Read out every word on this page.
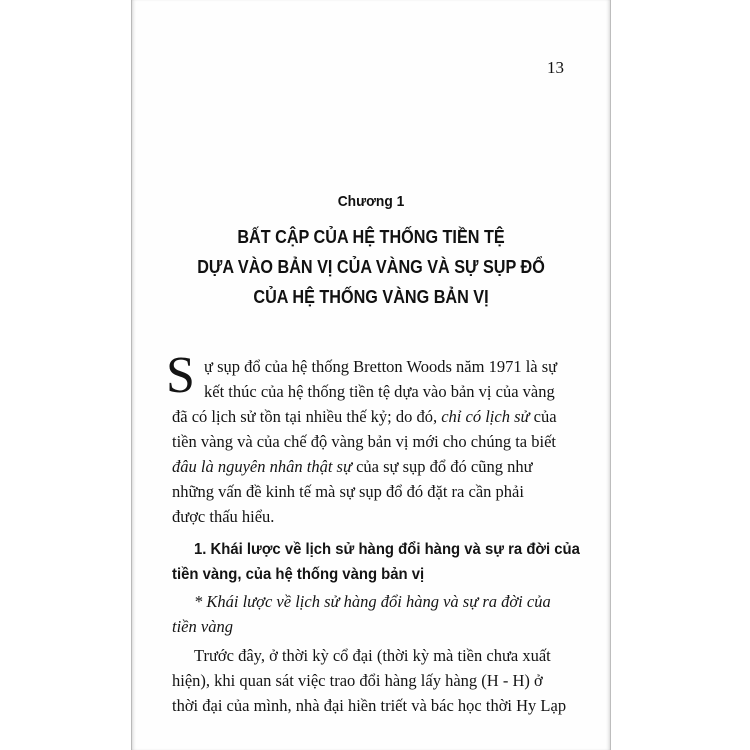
13
Chương 1
BẤT CẬP CỦA HỆ THỐNG TIỀN TỆ
DỰA VÀO BẢN VỊ CỦA VÀNG VÀ SỰ SỤP ĐỔ
CỦA HỆ THỐNG VÀNG BẢN VỊ
S ự sụp đổ của hệ thống Bretton Woods năm 1971 là sự
kết thúc của hệ thống tiền tệ dựa vào bản vị của vàng
đã có lịch sử tồn tại nhiều thế kỷ; do đó, chỉ có lịch sử của
tiền vàng và của chế độ vàng bản vị mới cho chúng ta biết
đâu là nguyên nhân thật sự của sự sụp đổ đó cũng như
những vấn đề kinh tế mà sự sụp đổ đó đặt ra cần phải
được thấu hiểu.
1. Khái lược về lịch sử hàng đổi hàng và sự ra đời của
tiền vàng, của hệ thống vàng bản vị
* Khái lược về lịch sử hàng đổi hàng và sự ra đời của
tiền vàng
Trước đây, ở thời kỳ cổ đại (thời kỳ mà tiền chưa xuất
hiện), khi quan sát việc trao đổi hàng lấy hàng (H - H) ở
thời đại của mình, nhà đại hiền triết và bác học thời Hy Lạp
